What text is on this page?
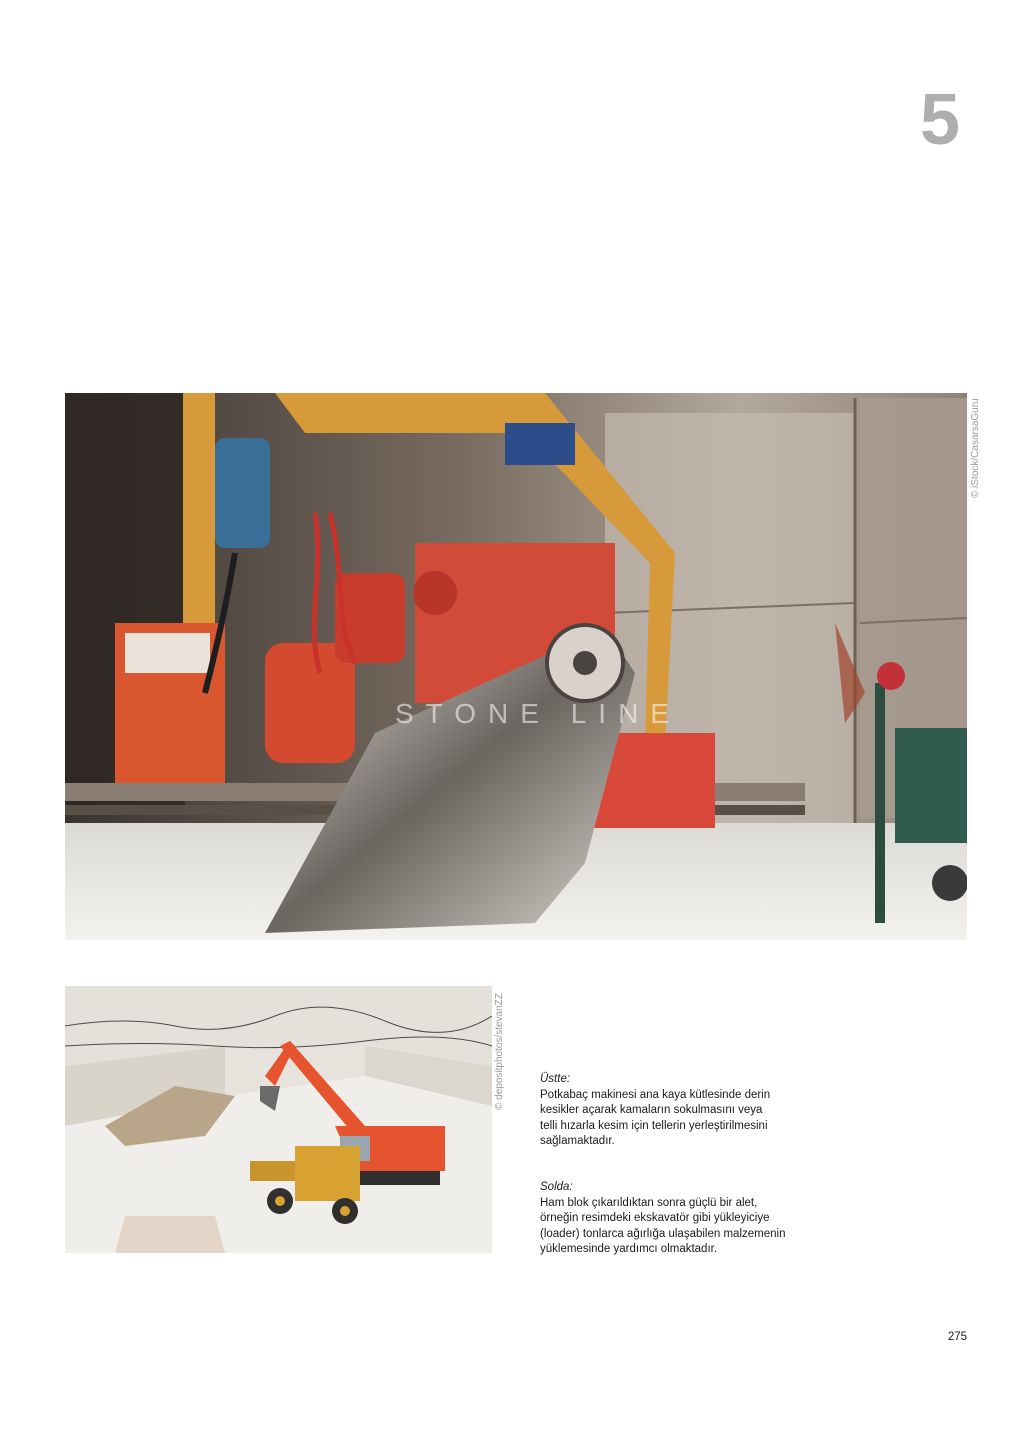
5
STONE LINE
© iStock/CasarsaGuru
© depositphotos/stevanZZ	Üstte:
Potkabaç makinesi ana kaya kütlesinde derin
kesikler açarak kamaların sokulmasını veya
telli hızarla kesim için tellerin yerleştirilmesini
sağlamaktadır.
Solda:
Ham blok çıkarıldıktan sonra güçlü bir alet,
örneğin resimdeki ekskavatör gibi yükleyiciye
(loader) tonlarca ağırlığa ulaşabilen malzemenin
yüklemesinde yardımcı olmaktadır.
275
